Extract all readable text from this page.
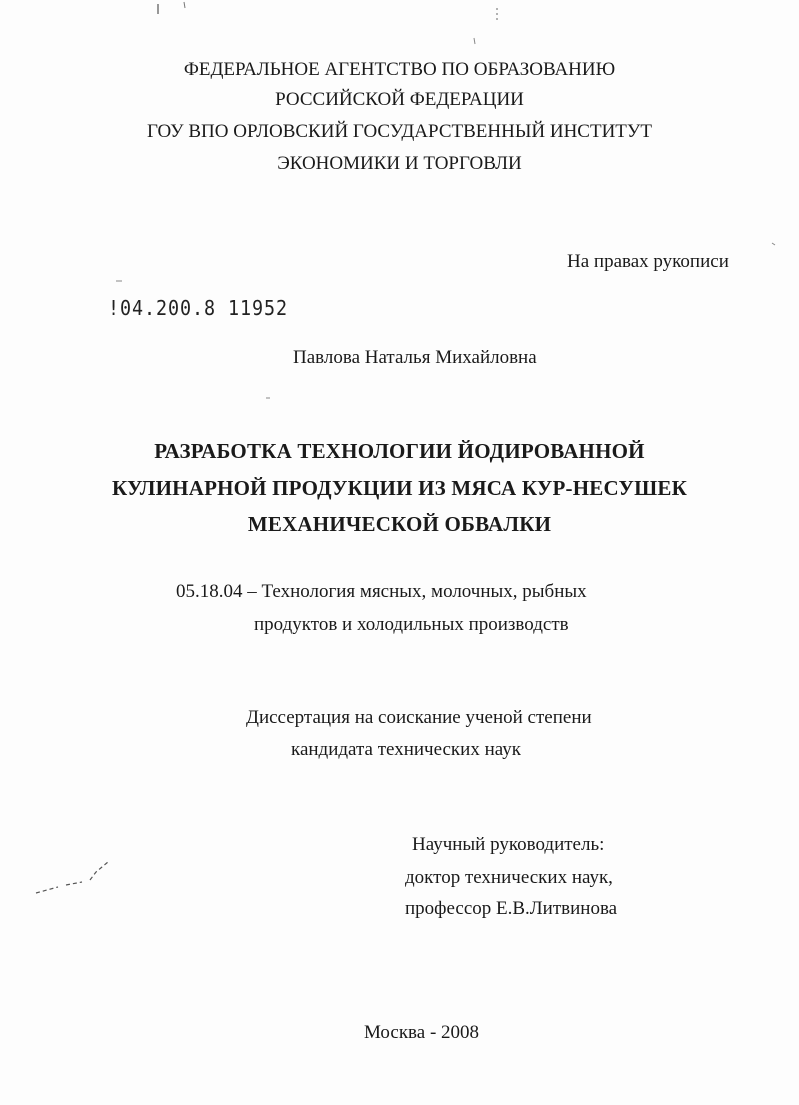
ФЕДЕРАЛЬНОЕ АГЕНТСТВО ПО ОБРАЗОВАНИЮ
РОССИЙСКОЙ ФЕДЕРАЦИИ
ГОУ ВПО ОРЛОВСКИЙ ГОСУДАРСТВЕННЫЙ ИНСТИТУТ
ЭКОНОМИКИ И ТОРГОВЛИ
На правах рукописи
!04.200.8 11952
Павлова Наталья Михайловна
РАЗРАБОТКА ТЕХНОЛОГИИ ЙОДИРОВАННОЙ
КУЛИНАРНОЙ ПРОДУКЦИИ ИЗ МЯСА КУР-НЕСУШЕК
МЕХАНИЧЕСКОЙ ОБВАЛКИ
05.18.04 – Технология мясных, молочных, рыбных
продуктов и холодильных производств
Диссертация на соискание ученой степени
кандидата технических наук
Научный руководитель:
доктор технических наук,
профессор Е.В.Литвинова
Москва - 2008
